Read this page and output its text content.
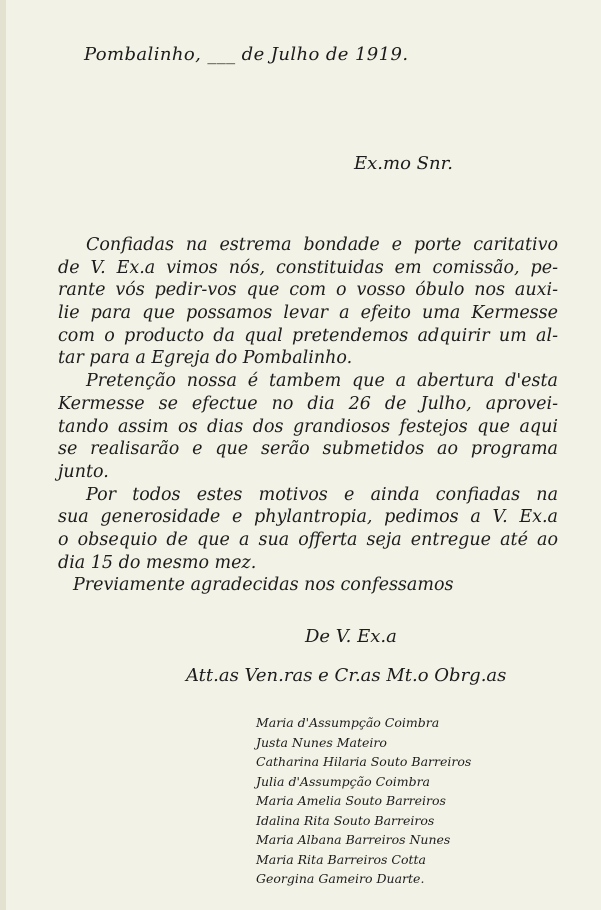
Pombalinho, ___ de Julho de 1919.
Ex.mo Snr.
Confiadas na estrema bondade e porte caritativo
de V. Ex.a vimos nós, constituidas em comissão, pe-
rante vós pedir-vos que com o vosso óbulo nos auxi-
lie para que possamos levar a efeito uma Kermesse
com o producto da qual pretendemos adquirir um al-
tar para a Egreja do Pombalinho.
Pretenção nossa é tambem que a abertura d'esta
Kermesse se efectue no dia 26 de Julho, aprovei-
tando assim os dias dos grandiosos festejos que aqui
se realisarão e que serão submetidos ao programa
junto.
Por todos estes motivos e ainda confiadas na
sua generosidade e phylantropia, pedimos a V. Ex.a
o obsequio de que a sua offerta seja entregue até ao
dia 15 do mesmo mez.
Previamente agradecidas nos confessamos
De V. Ex.a
Att.as Ven.ras e Cr.as Mt.o Obrg.as
Maria d'Assumpção Coimbra
Justa Nunes Mateiro
Catharina Hilaria Souto Barreiros
Julia d'Assumpção Coimbra
Maria Amelia Souto Barreiros
Idalina Rita Souto Barreiros
Maria Albana Barreiros Nunes
Maria Rita Barreiros Cotta
Georgina Gameiro Duarte.
